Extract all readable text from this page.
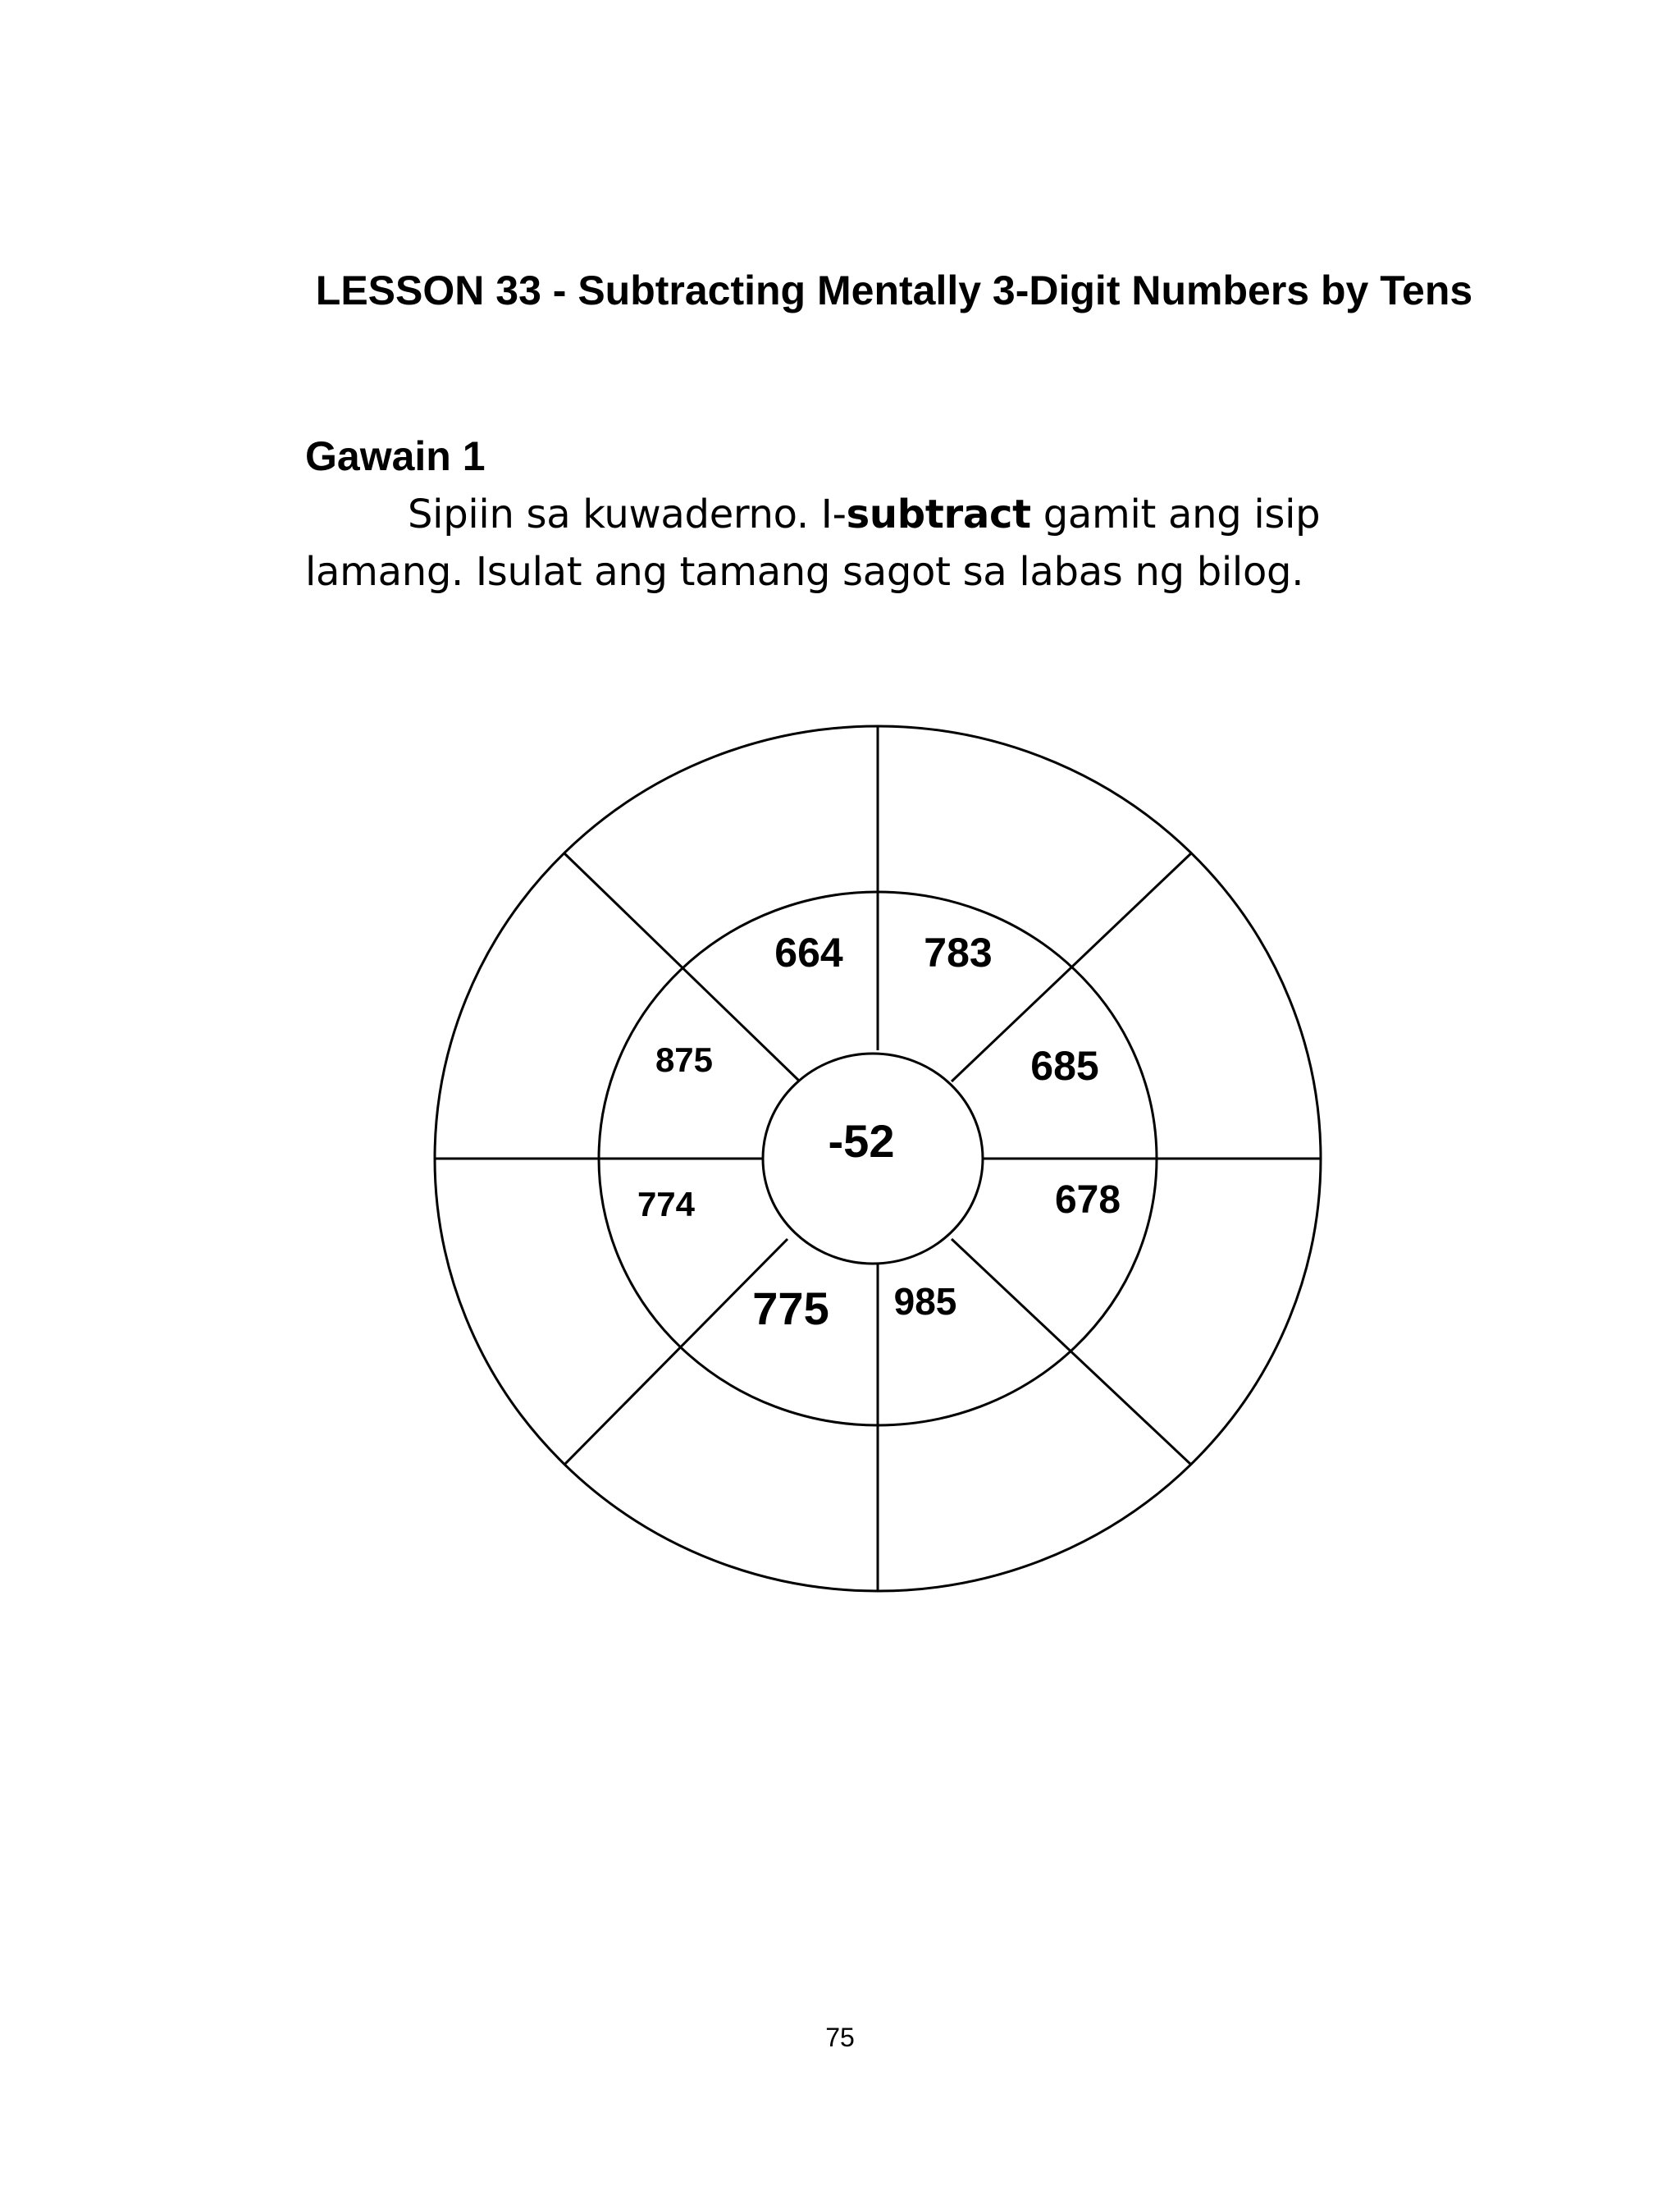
LESSON 33 - Subtracting Mentally 3-Digit Numbers by Tens
Gawain 1

Sipiin sa kuwaderno. I-subtract gamit ang isip lamang. Isulat ang tamang sagot sa labas ng bilog.

-52
664 783
685
678
985
775
774
875
75
